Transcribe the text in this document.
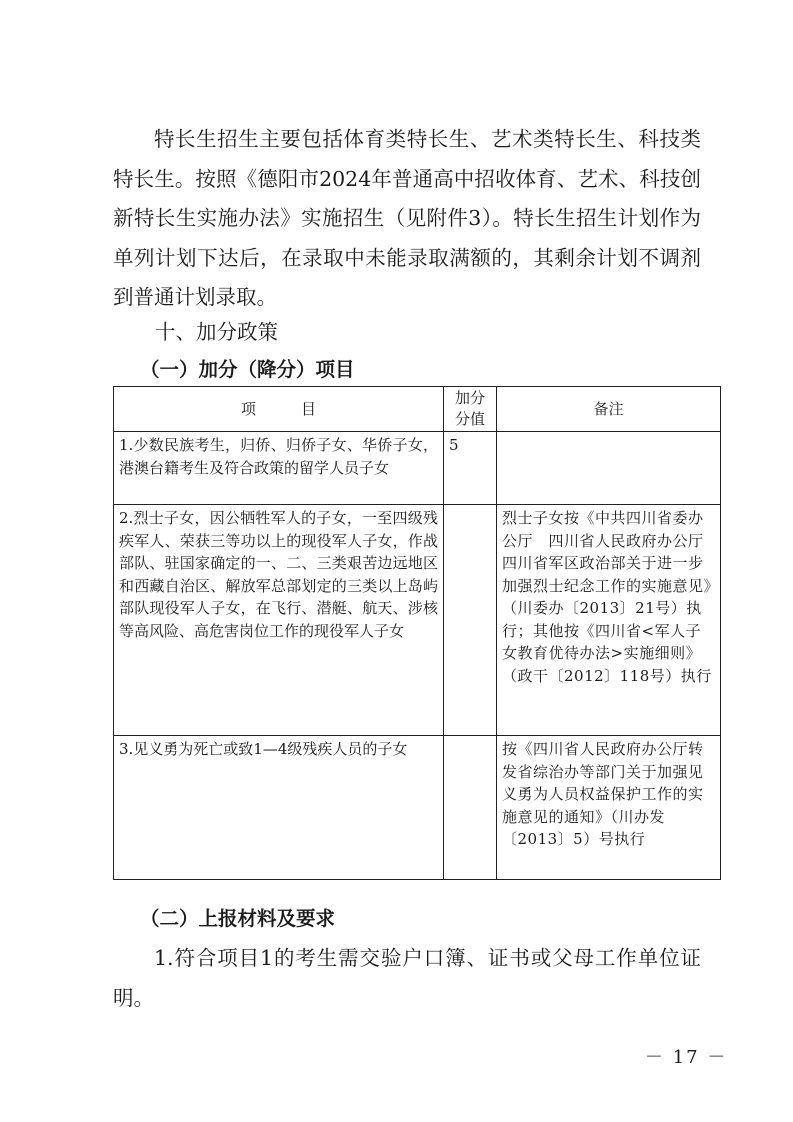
特长生招生主要包括体育类特长生、艺术类特长生、科技类特长生。按照《德阳市2024年普通高中招收体育、艺术、科技创新特长生实施办法》实施招生（见附件3）。特长生招生计划作为单列计划下达后，在录取中未能录取满额的，其剩余计划不调剂到普通计划录取。

十、加分政策

（一）加分（降分）项目

项　　　目	加分分值	备注
1.少数民族考生，归侨、归侨子女、华侨子女，港澳台籍考生及符合政策的留学人员子女	5	
2.烈士子女，因公牺牲军人的子女，一至四级残疾军人、荣获三等功以上的现役军人子女，作战部队、驻国家确定的一、二、三类艰苦边远地区和西藏自治区、解放军总部划定的三类以上岛屿部队现役军人子女，在飞行、潜艇、航天、涉核等高风险、高危害岗位工作的现役军人子女		烈士子女按《中共四川省委办公厅　四川省人民政府办公厅　四川省军区政治部关于进一步加强烈士纪念工作的实施意见》（川委办〔2013〕21号）执行；其他按《四川省<军人子女教育优待办法>实施细则》（政干〔2012〕118号）执行
3.见义勇为死亡或致1—4级残疾人员的子女		按《四川省人民政府办公厅转发省综治办等部门关于加强见义勇为人员权益保护工作的实施意见的通知》（川办发〔2013〕5）号执行

（二）上报材料及要求

1.符合项目1的考生需交验户口簿、证书或父母工作单位证明。

－ 17 －
